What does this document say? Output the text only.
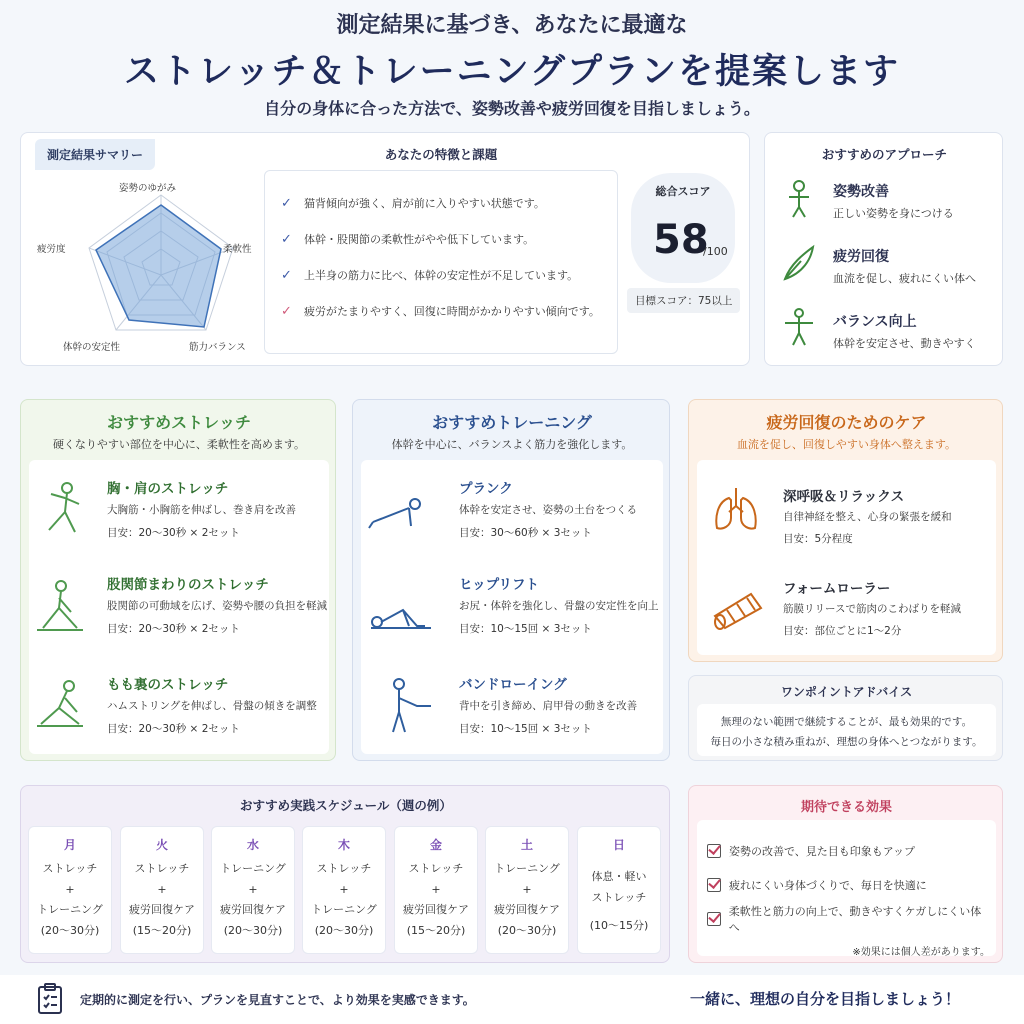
測定結果に基づき、あなたに最適な
ストレッチ＆トレーニングプランを提案します
自分の身体に合った方法で、姿勢改善や疲労回復を目指しましょう。
測定結果サマリー
姿勢のゆがみ
柔軟性
筋力バランス
体幹の安定性
疲労度
あなたの特徴と課題
✓ 猫背傾向が強く、肩が前に入りやすい状態です。
✓ 体幹・股関節の柔軟性がやや低下しています。
✓ 上半身の筋力に比べ、体幹の安定性が不足しています。
✓ 疲労がたまりやすく、回復に時間がかかりやすい傾向です。
総合スコア
58
/100
目標スコア：75以上
おすすめのアプローチ
姿勢改善
正しい姿勢を身につける
疲労回復
血流を促し、疲れにくい体へ
バランス向上
体幹を安定させ、動きやすく
おすすめストレッチ
硬くなりやすい部位を中心に、柔軟性を高めます。
胸・肩のストレッチ
大胸筋・小胸筋を伸ばし、巻き肩を改善
目安：20〜30秒 × 2セット
股関節まわりのストレッチ
股関節の可動域を広げ、姿勢や腰の負担を軽減
目安：20〜30秒 × 2セット
もも裏のストレッチ
ハムストリングを伸ばし、骨盤の傾きを調整
目安：20〜30秒 × 2セット
おすすめトレーニング
体幹を中心に、バランスよく筋力を強化します。
プランク
体幹を安定させ、姿勢の土台をつくる
目安：30〜60秒 × 3セット
ヒップリフト
お尻・体幹を強化し、骨盤の安定性を向上
目安：10〜15回 × 3セット
バンドローイング
背中を引き締め、肩甲骨の動きを改善
目安：10〜15回 × 3セット
疲労回復のためのケア
血流を促し、回復しやすい身体へ整えます。
深呼吸＆リラックス
自律神経を整え、心身の緊張を緩和
目安：5分程度
フォームローラー
筋膜リリースで筋肉のこわばりを軽減
目安：部位ごとに1〜2分
ワンポイントアドバイス
無理のない範囲で継続することが、最も効果的です。
毎日の小さな積み重ねが、理想の身体へとつながります。
おすすめ実践スケジュール（週の例）
月
ストレッチ
+
トレーニング
(20〜30分)
火
ストレッチ
+
疲労回復ケア
(15〜20分)
水
トレーニング
+
疲労回復ケア
(20〜30分)
木
ストレッチ
+
トレーニング
(20〜30分)
金
ストレッチ
+
疲労回復ケア
(15〜20分)
土
トレーニング
+
疲労回復ケア
(20〜30分)
日
体息・軽い
ストレッチ
(10〜15分)
期待できる効果
姿勢の改善で、見た目も印象もアップ
疲れにくい身体づくりで、毎日を快適に
柔軟性と筋力の向上で、動きやすくケガしにくい体へ
※効果には個人差があります。
定期的に測定を行い、プランを見直すことで、より効果を実感できます。	一緒に、理想の自分を目指しましょう！
